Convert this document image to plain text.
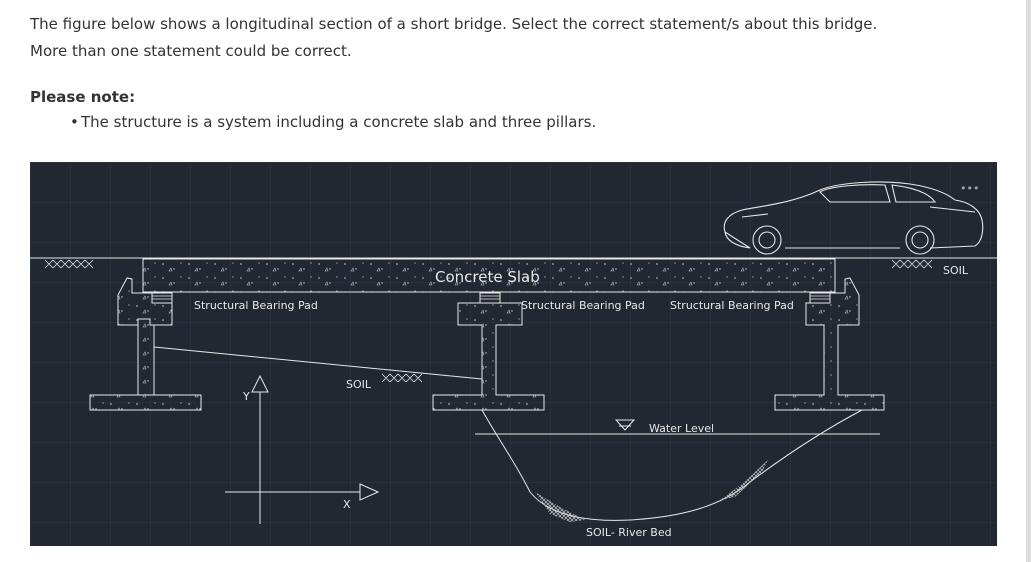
The figure below shows a longitudinal section of a short bridge. Select the correct statement/s about this bridge.

More than one statement could be correct.

Please note:

• The structure is a system including a concrete slab and three pillars.

Concrete Slab
Structural Bearing Pad	Structural Bearing Pad Structural Bearing Pad
SOIL
SOIL
Water Level
SOIL- River Bed
Y
X
•••
